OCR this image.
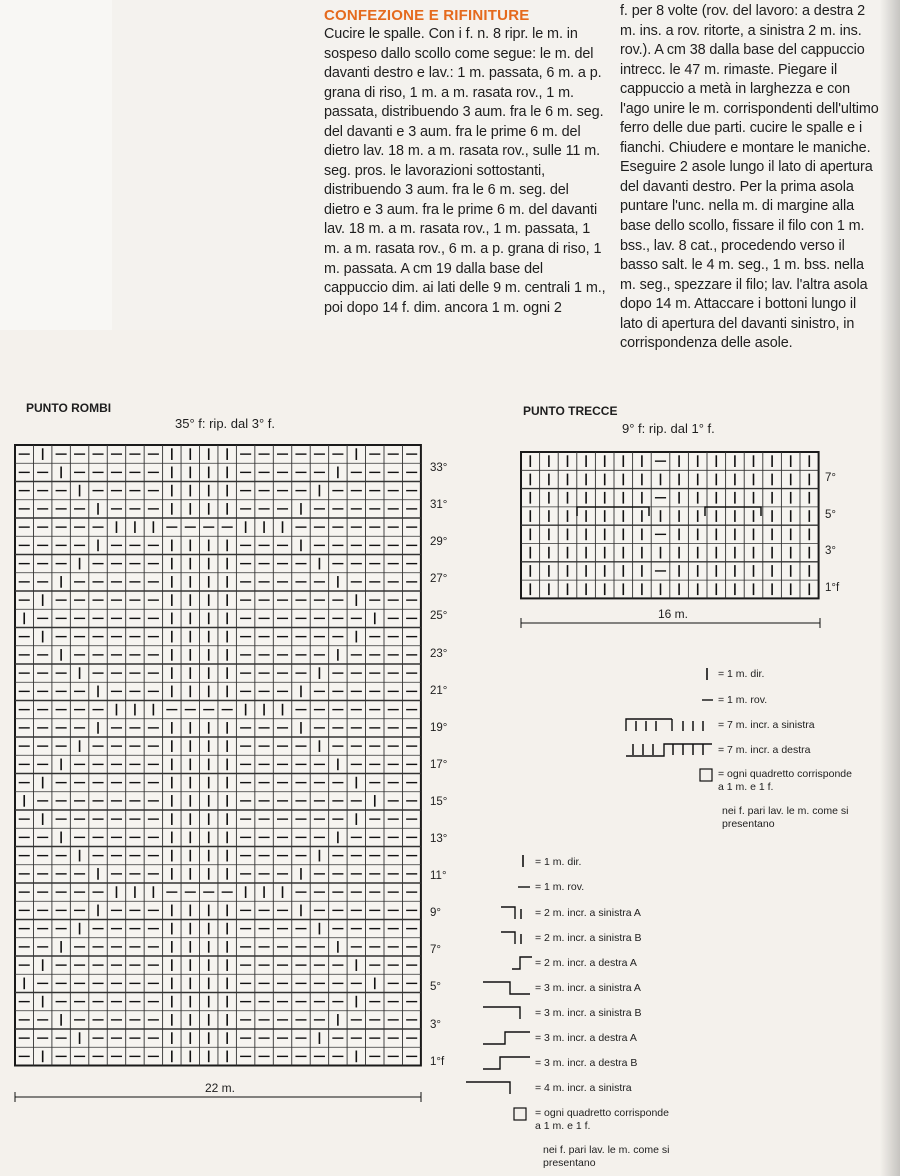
CONFEZIONE E RIFINITURE

Cucire le spalle. Con i f. n. 8 ripr. le m. in sospeso dallo scollo come segue: le m. del davanti destro e lav.: 1 m. passata, 6 m. a p. grana di riso, 1 m. a m. rasata rov., 1 m. passata, distribuendo 3 aum. fra le 6 m. seg. del davanti e 3 aum. fra le prime 6 m. del dietro lav. 18 m. a m. rasata rov., sulle 11 m. seg. pros. le lavorazioni sottostanti, distribuendo 3 aum. fra le 6 m. seg. del dietro e 3 aum. fra le prime 6 m. del davanti lav. 18 m. a m. rasata rov., 1 m. passata, 1 m. a m. rasata rov., 6 m. a p. grana di riso, 1 m. passata. A cm 19 dalla base del cappuccio dim. ai lati delle 9 m. centrali 1 m., poi dopo 14 f. dim. ancora 1 m. ogni 2

f. per 8 volte (rov. del lavoro: a destra 2 m. ins. a rov. ritorte, a sinistra 2 m. ins. rov.). A cm 38 dalla base del cappuccio intrecc. le 47 m. rimaste. Piegare il cappuccio a metà in larghezza e con l'ago unire le m. corrispondenti dell'ultimo ferro delle due parti. cucire le spalle e i fianchi. Chiudere e montare le maniche. Eseguire 2 asole lungo il lato di apertura del davanti destro. Per la prima asola puntare l'unc. nella m. di margine alla base dello scollo, fissare il filo con 1 m. bss., lav. 8 cat., procedendo verso il basso salt. le 4 m. seg., 1 m. bss. nella m. seg., spezzare il filo; lav. l'altra asola dopo 14 m. Attaccare i bottoni lungo il lato di apertura del davanti sinistro, in corrispondenza delle asole.

PUNTO ROMBI
35° f: rip. dal 3° f.
PUNTO TRECCE
9° f: rip. dal 1° f.
33°
31°
29°
27°
25°
23°
21°
19°
17°
15°
13°
11°
9°
7°
5°
3°
1°f
7°
5°
3°
1°f
22 m.
16 m.
= 1 m. dir.
= 1 m. rov.
= 7 m. incr. a sinistra
= 7 m. incr. a destra
= ogni quadretto corrisponde a 1 m. e 1 f.
nei f. pari lav. le m. come si presentano
= 1 m. dir.
= 1 m. rov.
= 2 m. incr. a sinistra A
= 2 m. incr. a sinistra B
= 2 m. incr. a destra A
= 3 m. incr. a sinistra A
= 3 m. incr. a sinistra B
= 3 m. incr. a destra A
= 3 m. incr. a destra B
= 4 m. incr. a sinistra
= ogni quadretto corrisponde a 1 m. e 1 f.
nei f. pari lav. le m. come si presentano
